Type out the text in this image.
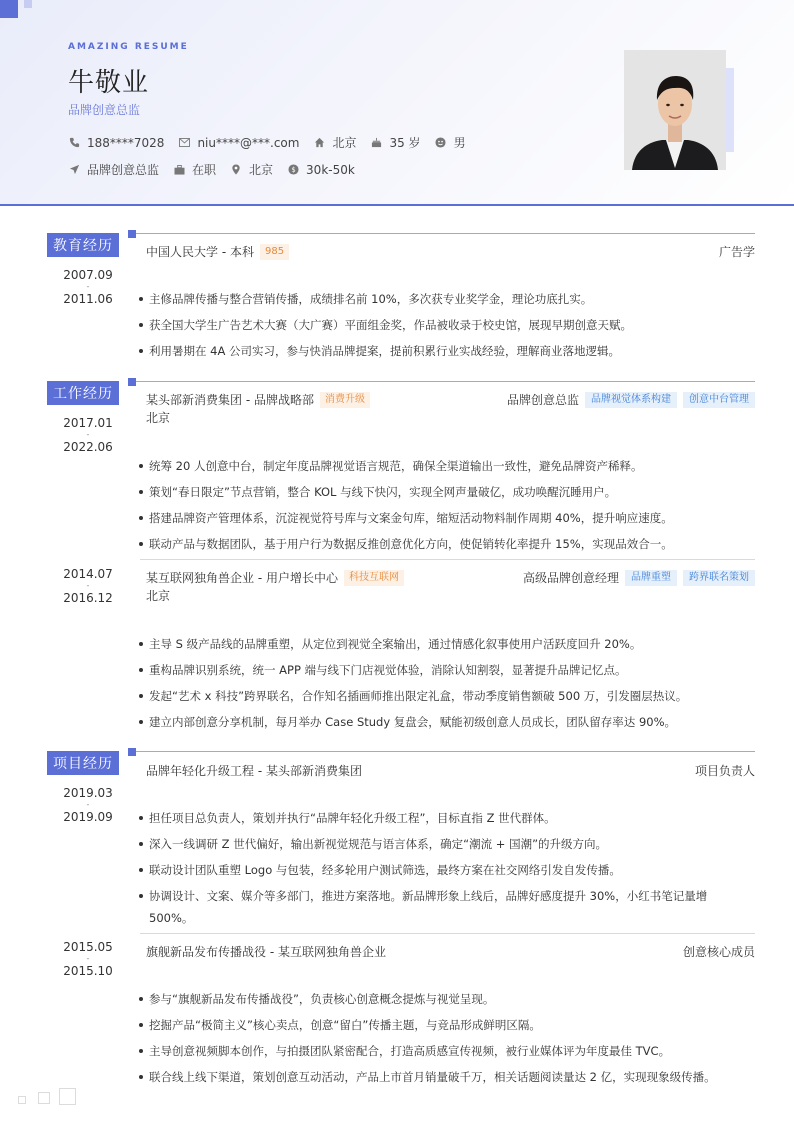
AMAZING RESUME
牛敬业
品牌创意总监
188****7028	niu****@***.com	北京	35 岁	男
品牌创意总监	在职	北京 $ 30k-50k
教育经历
2007.09
-
2011.06
中国人民大学 - 本科	985	广告学
主修品牌传播与整合营销传播，成绩排名前 10%，多次获专业奖学金，理论功底扎实。
获全国大学生广告艺术大赛（大广赛）平面组金奖，作品被收录于校史馆，展现早期创意天赋。
利用暑期在 4A 公司实习，参与快消品牌提案，提前积累行业实战经验，理解商业落地逻辑。
工作经历
2017.01
-
2022.06
某头部新消费集团 - 品牌战略部	消费升级	品牌创意总监	品牌视觉体系构建	创意中台管理
北京
统筹 20 人创意中台，制定年度品牌视觉语言规范，确保全渠道输出一致性，避免品牌资产稀释。
策划“春日限定”节点营销，整合 KOL 与线下快闪，实现全网声量破亿，成功唤醒沉睡用户。
搭建品牌资产管理体系，沉淀视觉符号库与文案金句库，缩短活动物料制作周期 40%，提升响应速度。
联动产品与数据团队，基于用户行为数据反推创意优化方向，使促销转化率提升 15%，实现品效合一。
2014.07
-
2016.12
某互联网独角兽企业 - 用户增长中心	科技互联网	高级品牌创意经理	品牌重塑	跨界联名策划
北京
主导 S 级产品线的品牌重塑，从定位到视觉全案输出，通过情感化叙事使用户活跃度回升 20%。
重构品牌识别系统，统一 APP 端与线下门店视觉体验，消除认知割裂，显著提升品牌记忆点。
发起“艺术 x 科技”跨界联名，合作知名插画师推出限定礼盒，带动季度销售额破 500 万，引发圈层热议。
建立内部创意分享机制，每月举办 Case Study 复盘会，赋能初级创意人员成长，团队留存率达 90%。
项目经历
2019.03
-
2019.09
品牌年轻化升级工程 - 某头部新消费集团	项目负责人
担任项目总负责人，策划并执行“品牌年轻化升级工程”，目标直指 Z 世代群体。
深入一线调研 Z 世代偏好，输出新视觉规范与语言体系，确定“潮流 + 国潮”的升级方向。
联动设计团队重塑 Logo 与包装，经多轮用户测试筛选，最终方案在社交网络引发自发传播。
协调设计、文案、媒介等多部门，推进方案落地。新品牌形象上线后，品牌好感度提升 30%，小红书笔记量增 500%。
2015.05
-
2015.10
旗舰新品发布传播战役 - 某互联网独角兽企业	创意核心成员
参与“旗舰新品发布传播战役”，负责核心创意概念提炼与视觉呈现。
挖掘产品“极简主义”核心卖点，创意“留白”传播主题，与竞品形成鲜明区隔。
主导创意视频脚本创作，与拍摄团队紧密配合，打造高质感宣传视频，被行业媒体评为年度最佳 TVC。
联合线上线下渠道，策划创意互动活动，产品上市首月销量破千万，相关话题阅读量达 2 亿，实现现象级传播。
